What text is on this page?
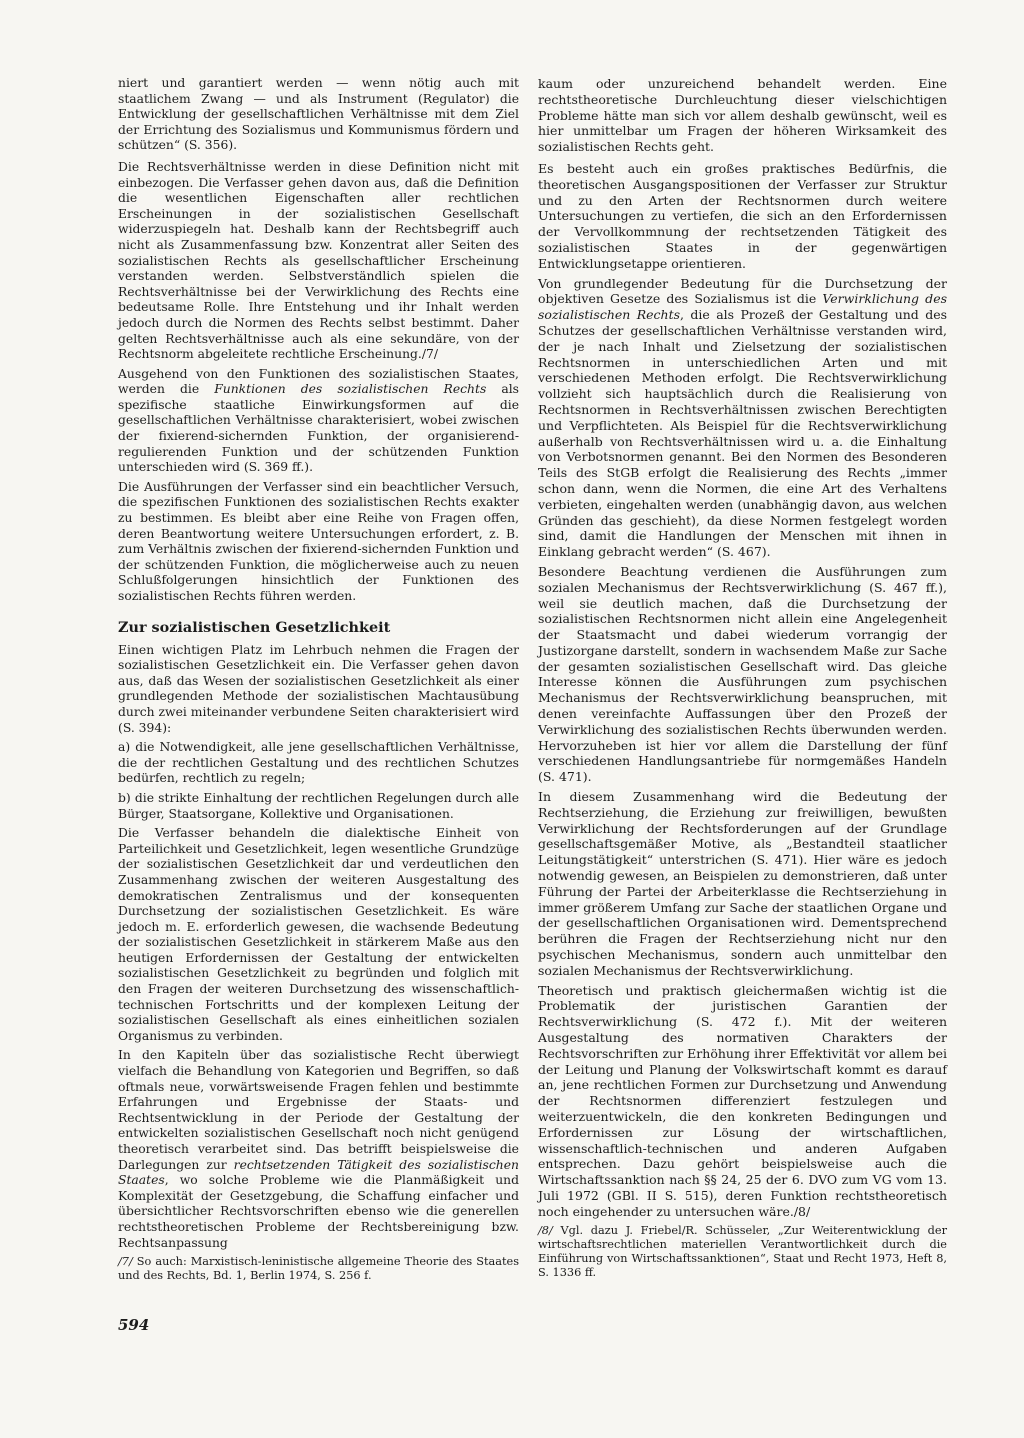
niert und garantiert werden — wenn nötig auch mit staatlichem Zwang — und als Instrument (Regulator) die Entwicklung der gesellschaftlichen Verhältnisse mit dem Ziel der Errichtung des Sozialismus und Kommunismus fördern und schützen“ (S. 356).

Die Rechtsverhältnisse werden in diese Definition nicht mit einbezogen. Die Verfasser gehen davon aus, daß die Definition die wesentlichen Eigenschaften aller rechtlichen Erscheinungen in der sozialistischen Gesellschaft widerzuspiegeln hat. Deshalb kann der Rechtsbegriff auch nicht als Zusammenfassung bzw. Konzentrat aller Seiten des sozialistischen Rechts als gesellschaftlicher Erscheinung verstanden werden. Selbstverständlich spielen die Rechtsverhältnisse bei der Verwirklichung des Rechts eine bedeutsame Rolle. Ihre Entstehung und ihr Inhalt werden jedoch durch die Normen des Rechts selbst bestimmt. Daher gelten Rechtsverhältnisse auch als eine sekundäre, von der Rechtsnorm abgeleitete rechtliche Erscheinung./7/

Ausgehend von den Funktionen des sozialistischen Staates, werden die Funktionen des sozialistischen Rechts als spezifische staatliche Einwirkungsformen auf die gesellschaftlichen Verhältnisse charakterisiert, wobei zwischen der fixierend-sichernden Funktion, der organisierend-regulierenden Funktion und der schützenden Funktion unterschieden wird (S. 369 ff.).

Die Ausführungen der Verfasser sind ein beachtlicher Versuch, die spezifischen Funktionen des sozialistischen Rechts exakter zu bestimmen. Es bleibt aber eine Reihe von Fragen offen, deren Beantwortung weitere Untersuchungen erfordert, z. B. zum Verhältnis zwischen der fixierend-sichernden Funktion und der schützenden Funktion, die möglicherweise auch zu neuen Schlußfolgerungen hinsichtlich der Funktionen des sozialistischen Rechts führen werden.

Zur sozialistischen Gesetzlichkeit

Einen wichtigen Platz im Lehrbuch nehmen die Fragen der sozialistischen Gesetzlichkeit ein. Die Verfasser gehen davon aus, daß das Wesen der sozialistischen Gesetzlichkeit als einer grundlegenden Methode der sozialistischen Machtausübung durch zwei miteinander verbundene Seiten charakterisiert wird (S. 394):

a) die Notwendigkeit, alle jene gesellschaftlichen Verhältnisse, die der rechtlichen Gestaltung und des rechtlichen Schutzes bedürfen, rechtlich zu regeln;

b) die strikte Einhaltung der rechtlichen Regelungen durch alle Bürger, Staatsorgane, Kollektive und Organisationen.

Die Verfasser behandeln die dialektische Einheit von Parteilichkeit und Gesetzlichkeit, legen wesentliche Grundzüge der sozialistischen Gesetzlichkeit dar und verdeutlichen den Zusammenhang zwischen der weiteren Ausgestaltung des demokratischen Zentralismus und der konsequenten Durchsetzung der sozialistischen Gesetzlichkeit. Es wäre jedoch m. E. erforderlich gewesen, die wachsende Bedeutung der sozialistischen Gesetzlichkeit in stärkerem Maße aus den heutigen Erfordernissen der Gestaltung der entwickelten sozialistischen Gesetzlichkeit zu begründen und folglich mit den Fragen der weiteren Durchsetzung des wissenschaftlich-technischen Fortschritts und der komplexen Leitung der sozialistischen Gesellschaft als eines einheitlichen sozialen Organismus zu verbinden.

In den Kapiteln über das sozialistische Recht überwiegt vielfach die Behandlung von Kategorien und Begriffen, so daß oftmals neue, vorwärtsweisende Fragen fehlen und bestimmte Erfahrungen und Ergebnisse der Staats- und Rechtsentwicklung in der Periode der Gestaltung der entwickelten sozialistischen Gesellschaft noch nicht genügend theoretisch verarbeitet sind. Das betrifft beispielsweise die Darlegungen zur rechtsetzenden Tätigkeit des sozialistischen Staates, wo solche Probleme wie die Planmäßigkeit und Komplexität der Gesetzgebung, die Schaffung einfacher und übersichtlicher Rechtsvorschriften ebenso wie die generellen rechtstheoretischen Probleme der Rechtsbereinigung bzw. Rechtsanpassung

/7/ So auch: Marxistisch-leninistische allgemeine Theorie des Staates und des Rechts, Bd. 1, Berlin 1974, S. 256 f.

kaum oder unzureichend behandelt werden. Eine rechtstheoretische Durchleuchtung dieser vielschichtigen Probleme hätte man sich vor allem deshalb gewünscht, weil es hier unmittelbar um Fragen der höheren Wirksamkeit des sozialistischen Rechts geht.

Es besteht auch ein großes praktisches Bedürfnis, die theoretischen Ausgangspositionen der Verfasser zur Struktur und zu den Arten der Rechtsnormen durch weitere Untersuchungen zu vertiefen, die sich an den Erfordernissen der Vervollkommnung der rechtsetzenden Tätigkeit des sozialistischen Staates in der gegenwärtigen Entwicklungsetappe orientieren.

Von grundlegender Bedeutung für die Durchsetzung der objektiven Gesetze des Sozialismus ist die Verwirklichung des sozialistischen Rechts, die als Prozeß der Gestaltung und des Schutzes der gesellschaftlichen Verhältnisse verstanden wird, der je nach Inhalt und Zielsetzung der sozialistischen Rechtsnormen in unterschiedlichen Arten und mit verschiedenen Methoden erfolgt. Die Rechtsverwirklichung vollzieht sich hauptsächlich durch die Realisierung von Rechtsnormen in Rechtsverhältnissen zwischen Berechtigten und Verpflichteten. Als Beispiel für die Rechtsverwirklichung außerhalb von Rechtsverhältnissen wird u. a. die Einhaltung von Verbotsnormen genannt. Bei den Normen des Besonderen Teils des StGB erfolgt die Realisierung des Rechts „immer schon dann, wenn die Normen, die eine Art des Verhaltens verbieten, eingehalten werden (unabhängig davon, aus welchen Gründen das geschieht), da diese Normen festgelegt worden sind, damit die Handlungen der Menschen mit ihnen in Einklang gebracht werden“ (S. 467).

Besondere Beachtung verdienen die Ausführungen zum sozialen Mechanismus der Rechtsverwirklichung (S. 467 ff.), weil sie deutlich machen, daß die Durchsetzung der sozialistischen Rechtsnormen nicht allein eine Angelegenheit der Staatsmacht und dabei wiederum vorrangig der Justizorgane darstellt, sondern in wachsendem Maße zur Sache der gesamten sozialistischen Gesellschaft wird. Das gleiche Interesse können die Ausführungen zum psychischen Mechanismus der Rechtsverwirklichung beanspruchen, mit denen vereinfachte Auffassungen über den Prozeß der Verwirklichung des sozialistischen Rechts überwunden werden. Hervorzuheben ist hier vor allem die Darstellung der fünf verschiedenen Handlungsantriebe für normgemäßes Handeln (S. 471).

In diesem Zusammenhang wird die Bedeutung der Rechtserziehung, die Erziehung zur freiwilligen, bewußten Verwirklichung der Rechtsforderungen auf der Grundlage gesellschaftsgemäßer Motive, als „Bestandteil staatlicher Leitungstätigkeit“ unterstrichen (S. 471). Hier wäre es jedoch notwendig gewesen, an Beispielen zu demonstrieren, daß unter Führung der Partei der Arbeiterklasse die Rechtserziehung in immer größerem Umfang zur Sache der staatlichen Organe und der gesellschaftlichen Organisationen wird. Dementsprechend berühren die Fragen der Rechtserziehung nicht nur den psychischen Mechanismus, sondern auch unmittelbar den sozialen Mechanismus der Rechtsverwirklichung.

Theoretisch und praktisch gleichermaßen wichtig ist die Problematik der juristischen Garantien der Rechtsverwirklichung (S. 472 f.). Mit der weiteren Ausgestaltung des normativen Charakters der Rechtsvorschriften zur Erhöhung ihrer Effektivität vor allem bei der Leitung und Planung der Volkswirtschaft kommt es darauf an, jene rechtlichen Formen zur Durchsetzung und Anwendung der Rechtsnormen differenziert festzulegen und weiterzuentwickeln, die den konkreten Bedingungen und Erfordernissen zur Lösung der wirtschaftlichen, wissenschaftlich-technischen und anderen Aufgaben entsprechen. Dazu gehört beispielsweise auch die Wirtschaftssanktion nach §§ 24, 25 der 6. DVO zum VG vom 13. Juli 1972 (GBl. II S. 515), deren Funktion rechtstheoretisch noch eingehender zu untersuchen wäre./8/

/8/ Vgl. dazu J. Friebel/R. Schüsseler, „Zur Weiterentwicklung der wirtschaftsrechtlichen materiellen Verantwortlichkeit durch die Einführung von Wirtschaftssanktionen“, Staat und Recht 1973, Heft 8, S. 1336 ff.

594
